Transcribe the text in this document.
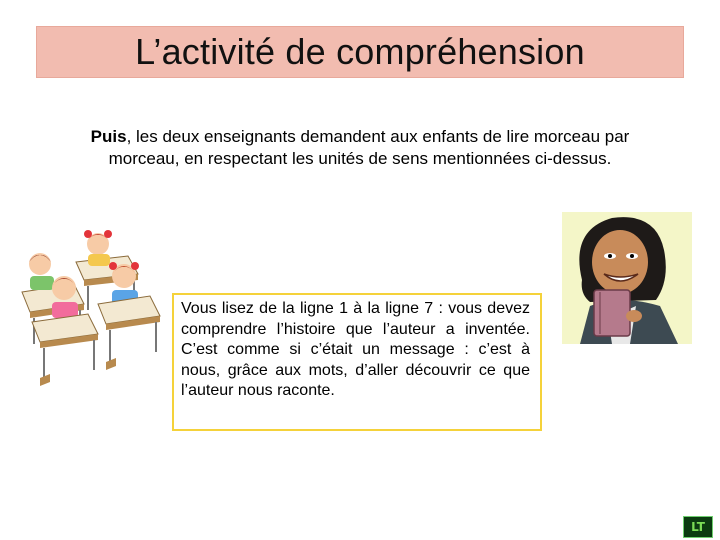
L’activité de compréhension
Puis, les deux enseignants demandent aux enfants de lire morceau par morceau, en respectant les unités de sens mentionnées ci-dessus.
Vous lisez de la ligne 1 à la ligne 7 : vous devez comprendre l’histoire que l’auteur a inventée. C’est comme si c’était un message : c’est à nous, grâce aux mots, d’aller découvrir ce que l’auteur nous raconte.
LT
